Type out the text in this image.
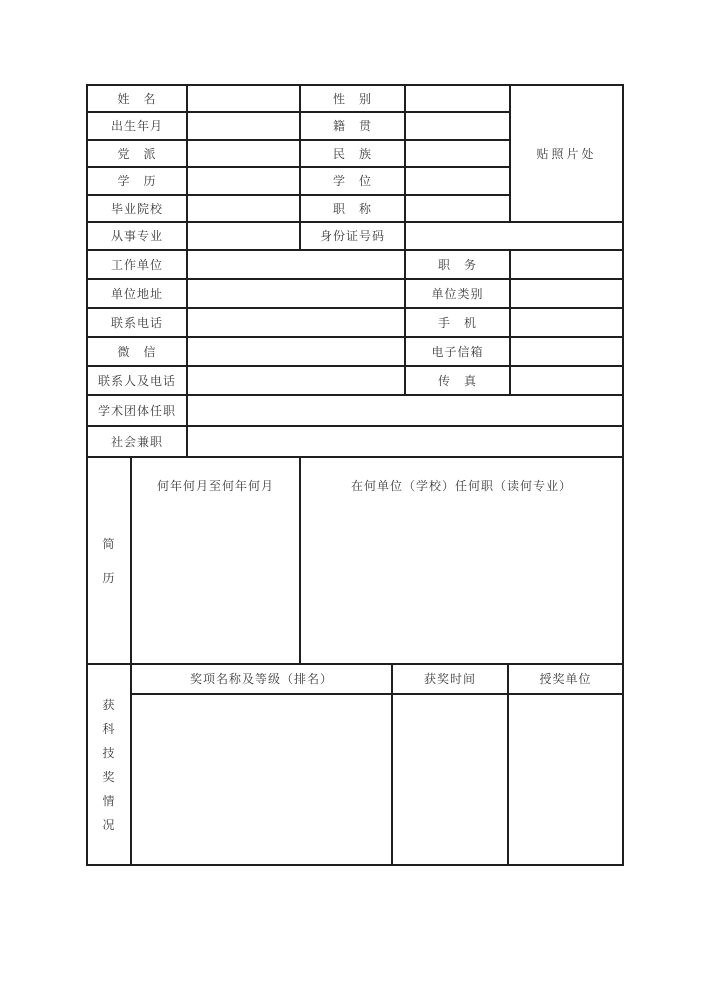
姓　名	性　别
出生年月	籍　贯
党　派	民　族
学　历	学　位
毕业院校	职　称
贴照片处
从事专业	身份证号码
工作单位	职　务
单位地址	单位类别
联系电话	手　机
微　信	电子信箱
联系人及电话	传　真
学术团体任职
社会兼职
简
历
何年何月至何年何月	在何单位（学校）任何职（读何专业）
获
科
技
奖
情
况
奖项名称及等级（排名）	获奖时间	授奖单位
